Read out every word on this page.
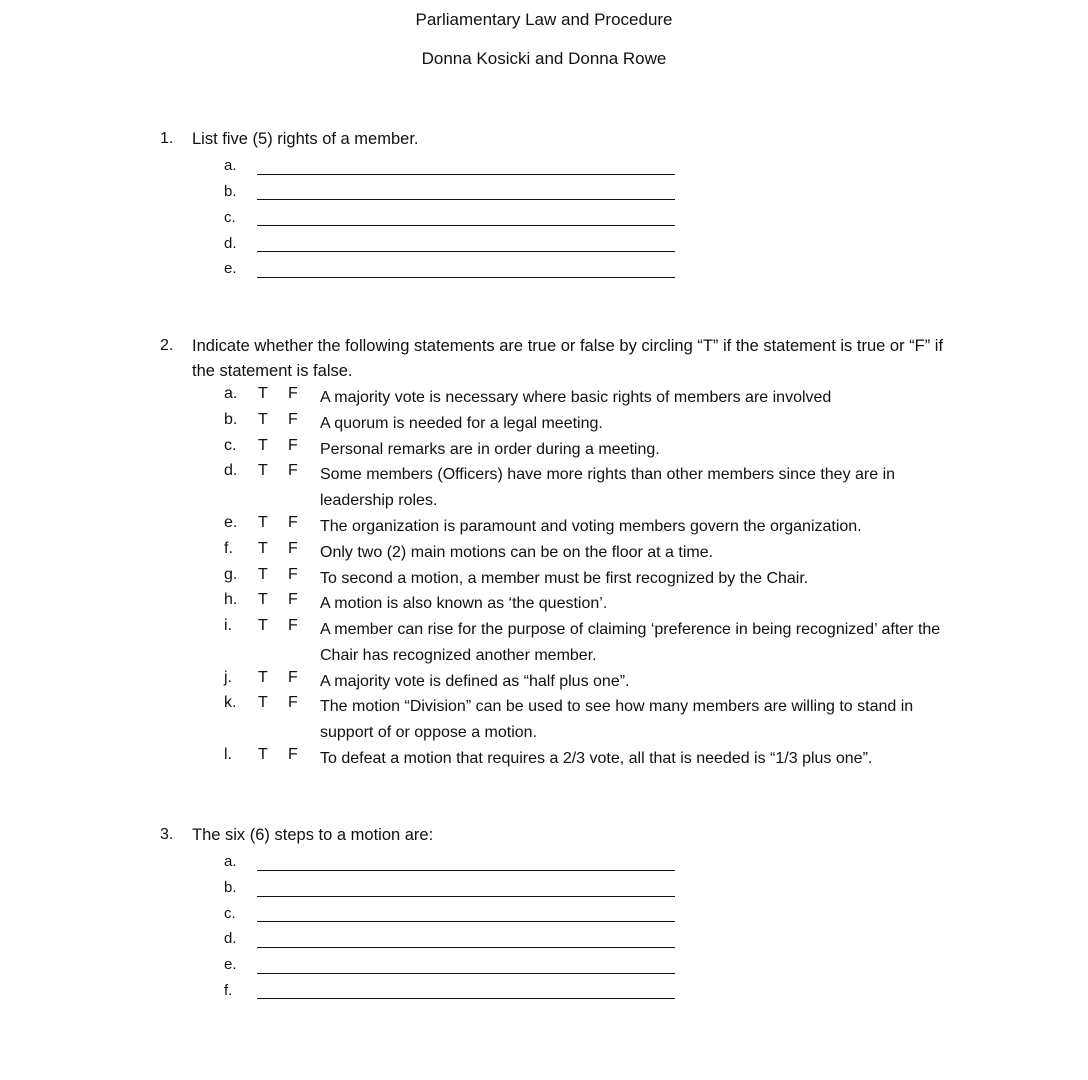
Parliamentary Law and Procedure
Donna Kosicki and Donna Rowe
1.	List five (5) rights of a member.
a.
b.
c.
d.
e.
2.	Indicate whether the following statements are true or false by circling “T” if the statement is true or “F” if the statement is false.
a.	T F A majority vote is necessary where basic rights of members are involved
b.	T F A quorum is needed for a legal meeting.
c.	T F Personal remarks are in order during a meeting.
d.	T F Some members (Officers) have more rights than other members since they are in leadership roles.
e.	T F The organization is paramount and voting members govern the organization.
f.	T F Only two (2) main motions can be on the floor at a time.
g.	T F To second a motion, a member must be first recognized by the Chair.
h.	T F A motion is also known as ‘the question’.
i.	T F A member can rise for the purpose of claiming ‘preference in being recognized’ after the Chair has recognized another member.
j.	T F A majority vote is defined as “half plus one”.
k.	T F The motion “Division” can be used to see how many members are willing to stand in support of or oppose a motion.
l.	T F To defeat a motion that requires a 2/3 vote, all that is needed is “1/3 plus one”.
3.	The six (6) steps to a motion are:
a.
b.
c.
d.
e.
f.
